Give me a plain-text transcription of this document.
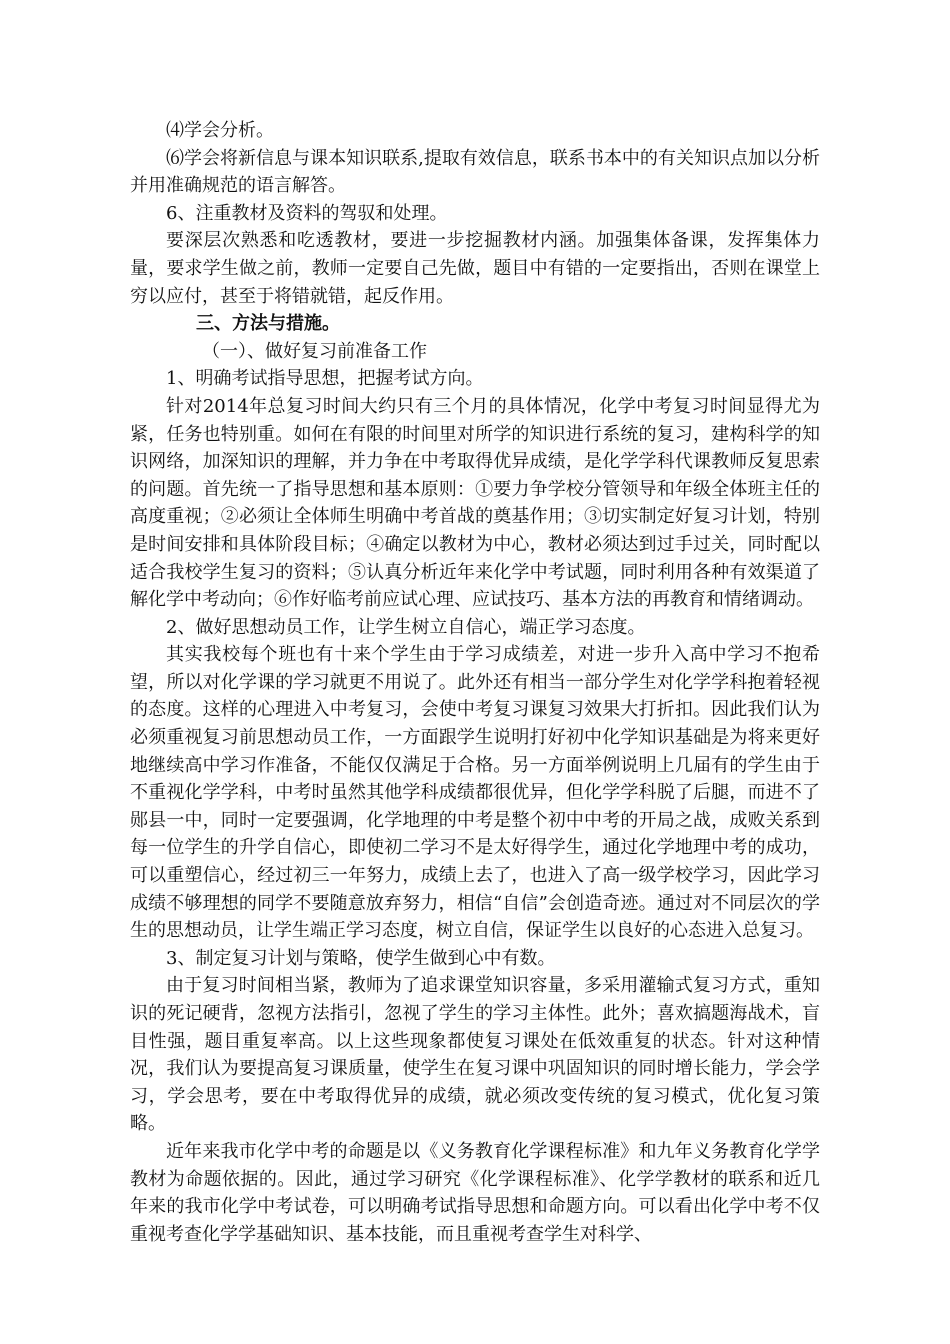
⑷学会分析。

⑹学会将新信息与课本知识联系,提取有效信息，联系书本中的有关知识点加以分析并用准确规范的语言解答。

6、注重教材及资料的驾驭和处理。

要深层次熟悉和吃透教材，要进一步挖掘教材内涵。加强集体备课，发挥集体力量，要求学生做之前，教师一定要自己先做，题目中有错的一定要指出，否则在课堂上穷以应付，甚至于将错就错，起反作用。

三、方法与措施。

（一）、做好复习前准备工作

1、明确考试指导思想，把握考试方向。

针对2014年总复习时间大约只有三个月的具体情况，化学中考复习时间显得尤为紧，任务也特别重。如何在有限的时间里对所学的知识进行系统的复习，建构科学的知识网络，加深知识的理解，并力争在中考取得优异成绩，是化学学科代课教师反复思索的问题。首先统一了指导思想和基本原则：①要力争学校分管领导和年级全体班主任的高度重视；②必须让全体师生明确中考首战的奠基作用；③切实制定好复习计划，特别是时间安排和具体阶段目标；④确定以教材为中心，教材必须达到过手过关，同时配以适合我校学生复习的资料；⑤认真分析近年来化学中考试题，同时利用各种有效渠道了解化学中考动向；⑥作好临考前应试心理、应试技巧、基本方法的再教育和情绪调动。

2、做好思想动员工作，让学生树立自信心，端正学习态度。

其实我校每个班也有十来个学生由于学习成绩差，对进一步升入高中学习不抱希望，所以对化学课的学习就更不用说了。此外还有相当一部分学生对化学学科抱着轻视的态度。这样的心理进入中考复习，会使中考复习课复习效果大打折扣。因此我们认为必须重视复习前思想动员工作，一方面跟学生说明打好初中化学知识基础是为将来更好地继续高中学习作准备，不能仅仅满足于合格。另一方面举例说明上几届有的学生由于不重视化学学科，中考时虽然其他学科成绩都很优异，但化学学科脱了后腿，而进不了郧县一中，同时一定要强调，化学地理的中考是整个初中中考的开局之战，成败关系到每一位学生的升学自信心，即使初二学习不是太好得学生，通过化学地理中考的成功，可以重塑信心，经过初三一年努力，成绩上去了，也进入了高一级学校学习，因此学习成绩不够理想的同学不要随意放弃努力，相信“自信”会创造奇迹。通过对不同层次的学生的思想动员，让学生端正学习态度，树立自信，保证学生以良好的心态进入总复习。

3、制定复习计划与策略，使学生做到心中有数。

由于复习时间相当紧，教师为了追求课堂知识容量，多采用灌输式复习方式，重知识的死记硬背，忽视方法指引，忽视了学生的学习主体性。此外；喜欢搞题海战术，盲目性强，题目重复率高。以上这些现象都使复习课处在低效重复的状态。针对这种情况，我们认为要提高复习课质量，使学生在复习课中巩固知识的同时增长能力，学会学习，学会思考，要在中考取得优异的成绩，就必须改变传统的复习模式，优化复习策略。

近年来我市化学中考的命题是以《义务教育化学课程标准》和九年义务教育化学学教材为命题依据的。因此，通过学习研究《化学课程标准》、化学学教材的联系和近几年来的我市化学中考试卷，可以明确考试指导思想和命题方向。可以看出化学中考不仅重视考查化学学基础知识、基本技能，而且重视考查学生对科学、
